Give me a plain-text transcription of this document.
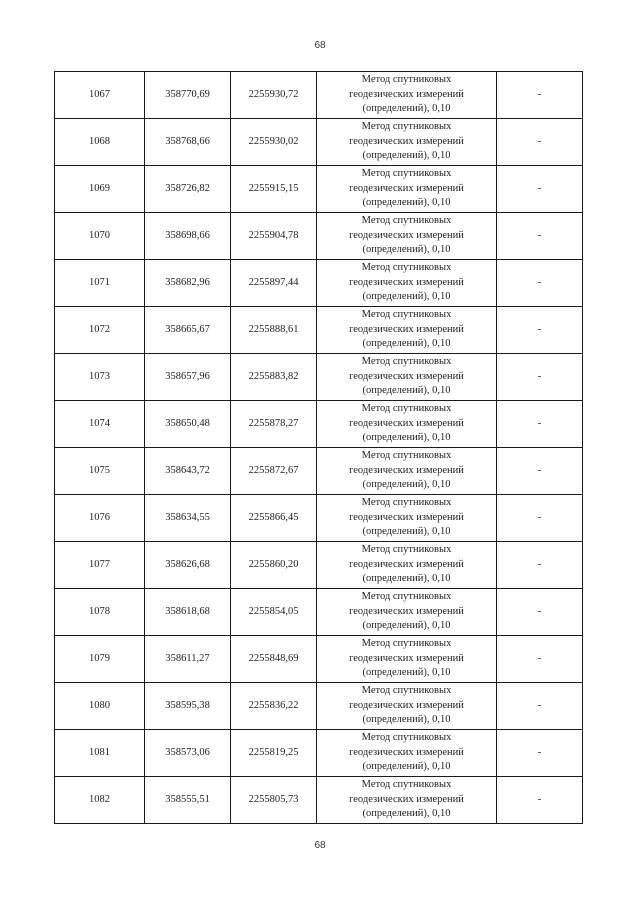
68
1067	358770,69	2255930,72	Метод спутниковых
геодезических измерений
(определений), 0,10	-
1068	358768,66	2255930,02	Метод спутниковых
геодезических измерений
(определений), 0,10	-
1069	358726,82	2255915,15	Метод спутниковых
геодезических измерений
(определений), 0,10	-
1070	358698,66	2255904,78	Метод спутниковых
геодезических измерений
(определений), 0,10	-
1071	358682,96	2255897,44	Метод спутниковых
геодезических измерений
(определений), 0,10	-
1072	358665,67	2255888,61	Метод спутниковых
геодезических измерений
(определений), 0,10	-
1073	358657,96	2255883,82	Метод спутниковых
геодезических измерений
(определений), 0,10	-
1074	358650,48	2255878,27	Метод спутниковых
геодезических измерений
(определений), 0,10	-
1075	358643,72	2255872,67	Метод спутниковых
геодезических измерений
(определений), 0,10	-
1076	358634,55	2255866,45	Метод спутниковых
геодезических измерений
(определений), 0,10	-
1077	358626,68	2255860,20	Метод спутниковых
геодезических измерений
(определений), 0,10	-
1078	358618,68	2255854,05	Метод спутниковых
геодезических измерений
(определений), 0,10	-
1079	358611,27	2255848,69	Метод спутниковых
геодезических измерений
(определений), 0,10	-
1080	358595,38	2255836,22	Метод спутниковых
геодезических измерений
(определений), 0,10	-
1081	358573,06	2255819,25	Метод спутниковых
геодезических измерений
(определений), 0,10	-
1082	358555,51	2255805,73	Метод спутниковых
геодезических измерений
(определений), 0,10	-
68
